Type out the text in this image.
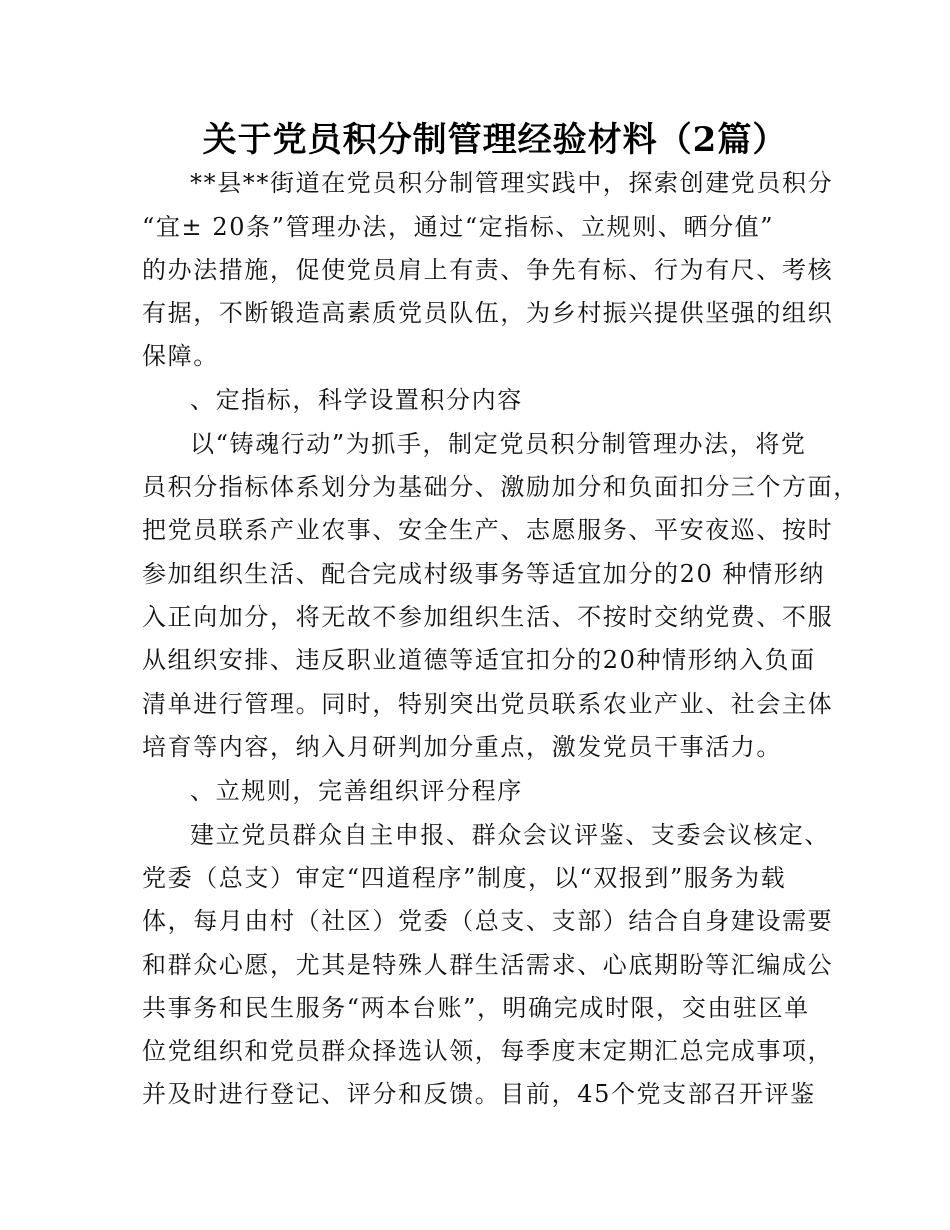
关于党员积分制管理经验材料（2篇）
**县**街道在党员积分制管理实践中，探索创建党员积分
“宜± 20条”管理办法，通过“定指标、立规则、晒分值”
的办法措施，促使党员肩上有责、争先有标、行为有尺、考核
有据，不断锻造高素质党员队伍，为乡村振兴提供坚强的组织
保障。
、定指标，科学设置积分内容
以“铸魂行动”为抓手，制定党员积分制管理办法，将党
员积分指标体系划分为基础分、激励加分和负面扣分三个方面，
把党员联系产业农事、安全生产、志愿服务、平安夜巡、按时
参加组织生活、配合完成村级事务等适宜加分的20 种情形纳
入正向加分，将无故不参加组织生活、不按时交纳党费、不服
从组织安排、违反职业道德等适宜扣分的20种情形纳入负面
清单进行管理。同时，特别突出党员联系农业产业、社会主体
培育等内容，纳入月研判加分重点，激发党员干事活力。
、立规则，完善组织评分程序
建立党员群众自主申报、群众会议评鉴、支委会议核定、
党委（总支）审定“四道程序”制度，以“双报到”服务为载
体，每月由村（社区）党委（总支、支部）结合自身建设需要
和群众心愿，尤其是特殊人群生活需求、心底期盼等汇编成公
共事务和民生服务“两本台账”，明确完成时限，交由驻区单
位党组织和党员群众择选认领，每季度末定期汇总完成事项，
并及时进行登记、评分和反馈。目前，45个党支部召开评鉴
